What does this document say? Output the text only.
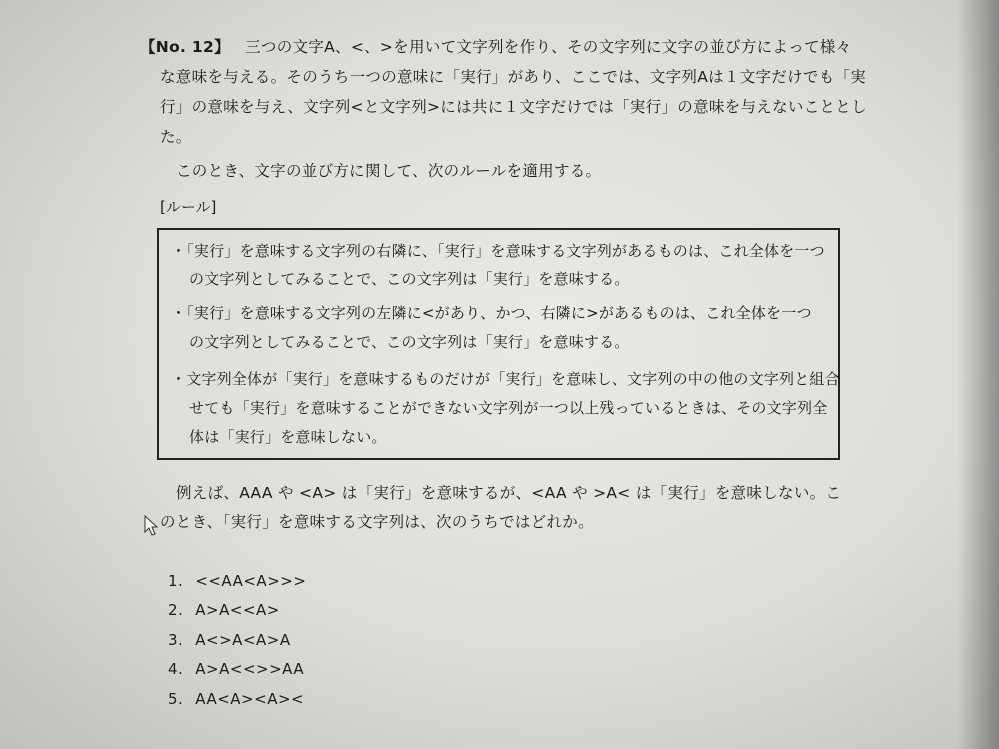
【No. 12】 三つの文字A、<、>を用いて文字列を作り、その文字列に文字の並び方によって様々
な意味を与える。そのうち一つの意味に「実行」があり、ここでは、文字列Aは１文字だけでも「実
行」の意味を与え、文字列<と文字列>には共に１文字だけでは「実行」の意味を与えないこととし
た。
このとき、文字の並び方に関して、次のルールを適用する。
[ルール]
・「実行」を意味する文字列の右隣に、「実行」を意味する文字列があるものは、これ全体を一つ
の文字列としてみることで、この文字列は「実行」を意味する。
・「実行」を意味する文字列の左隣に<があり、かつ、右隣に>があるものは、これ全体を一つ
の文字列としてみることで、この文字列は「実行」を意味する。
・文字列全体が「実行」を意味するものだけが「実行」を意味し、文字列の中の他の文字列と組合
せても「実行」を意味することができない文字列が一つ以上残っているときは、その文字列全
体は「実行」を意味しない。
例えば、AAA や <A> は「実行」を意味するが、<AA や >A< は「実行」を意味しない。こ
のとき、「実行」を意味する文字列は、次のうちではどれか。
1. <<AA<A>>>
2. A>A<<A>
3. A<>A<A>A
4. A>A<<>>AA
5. AA<A><A><
